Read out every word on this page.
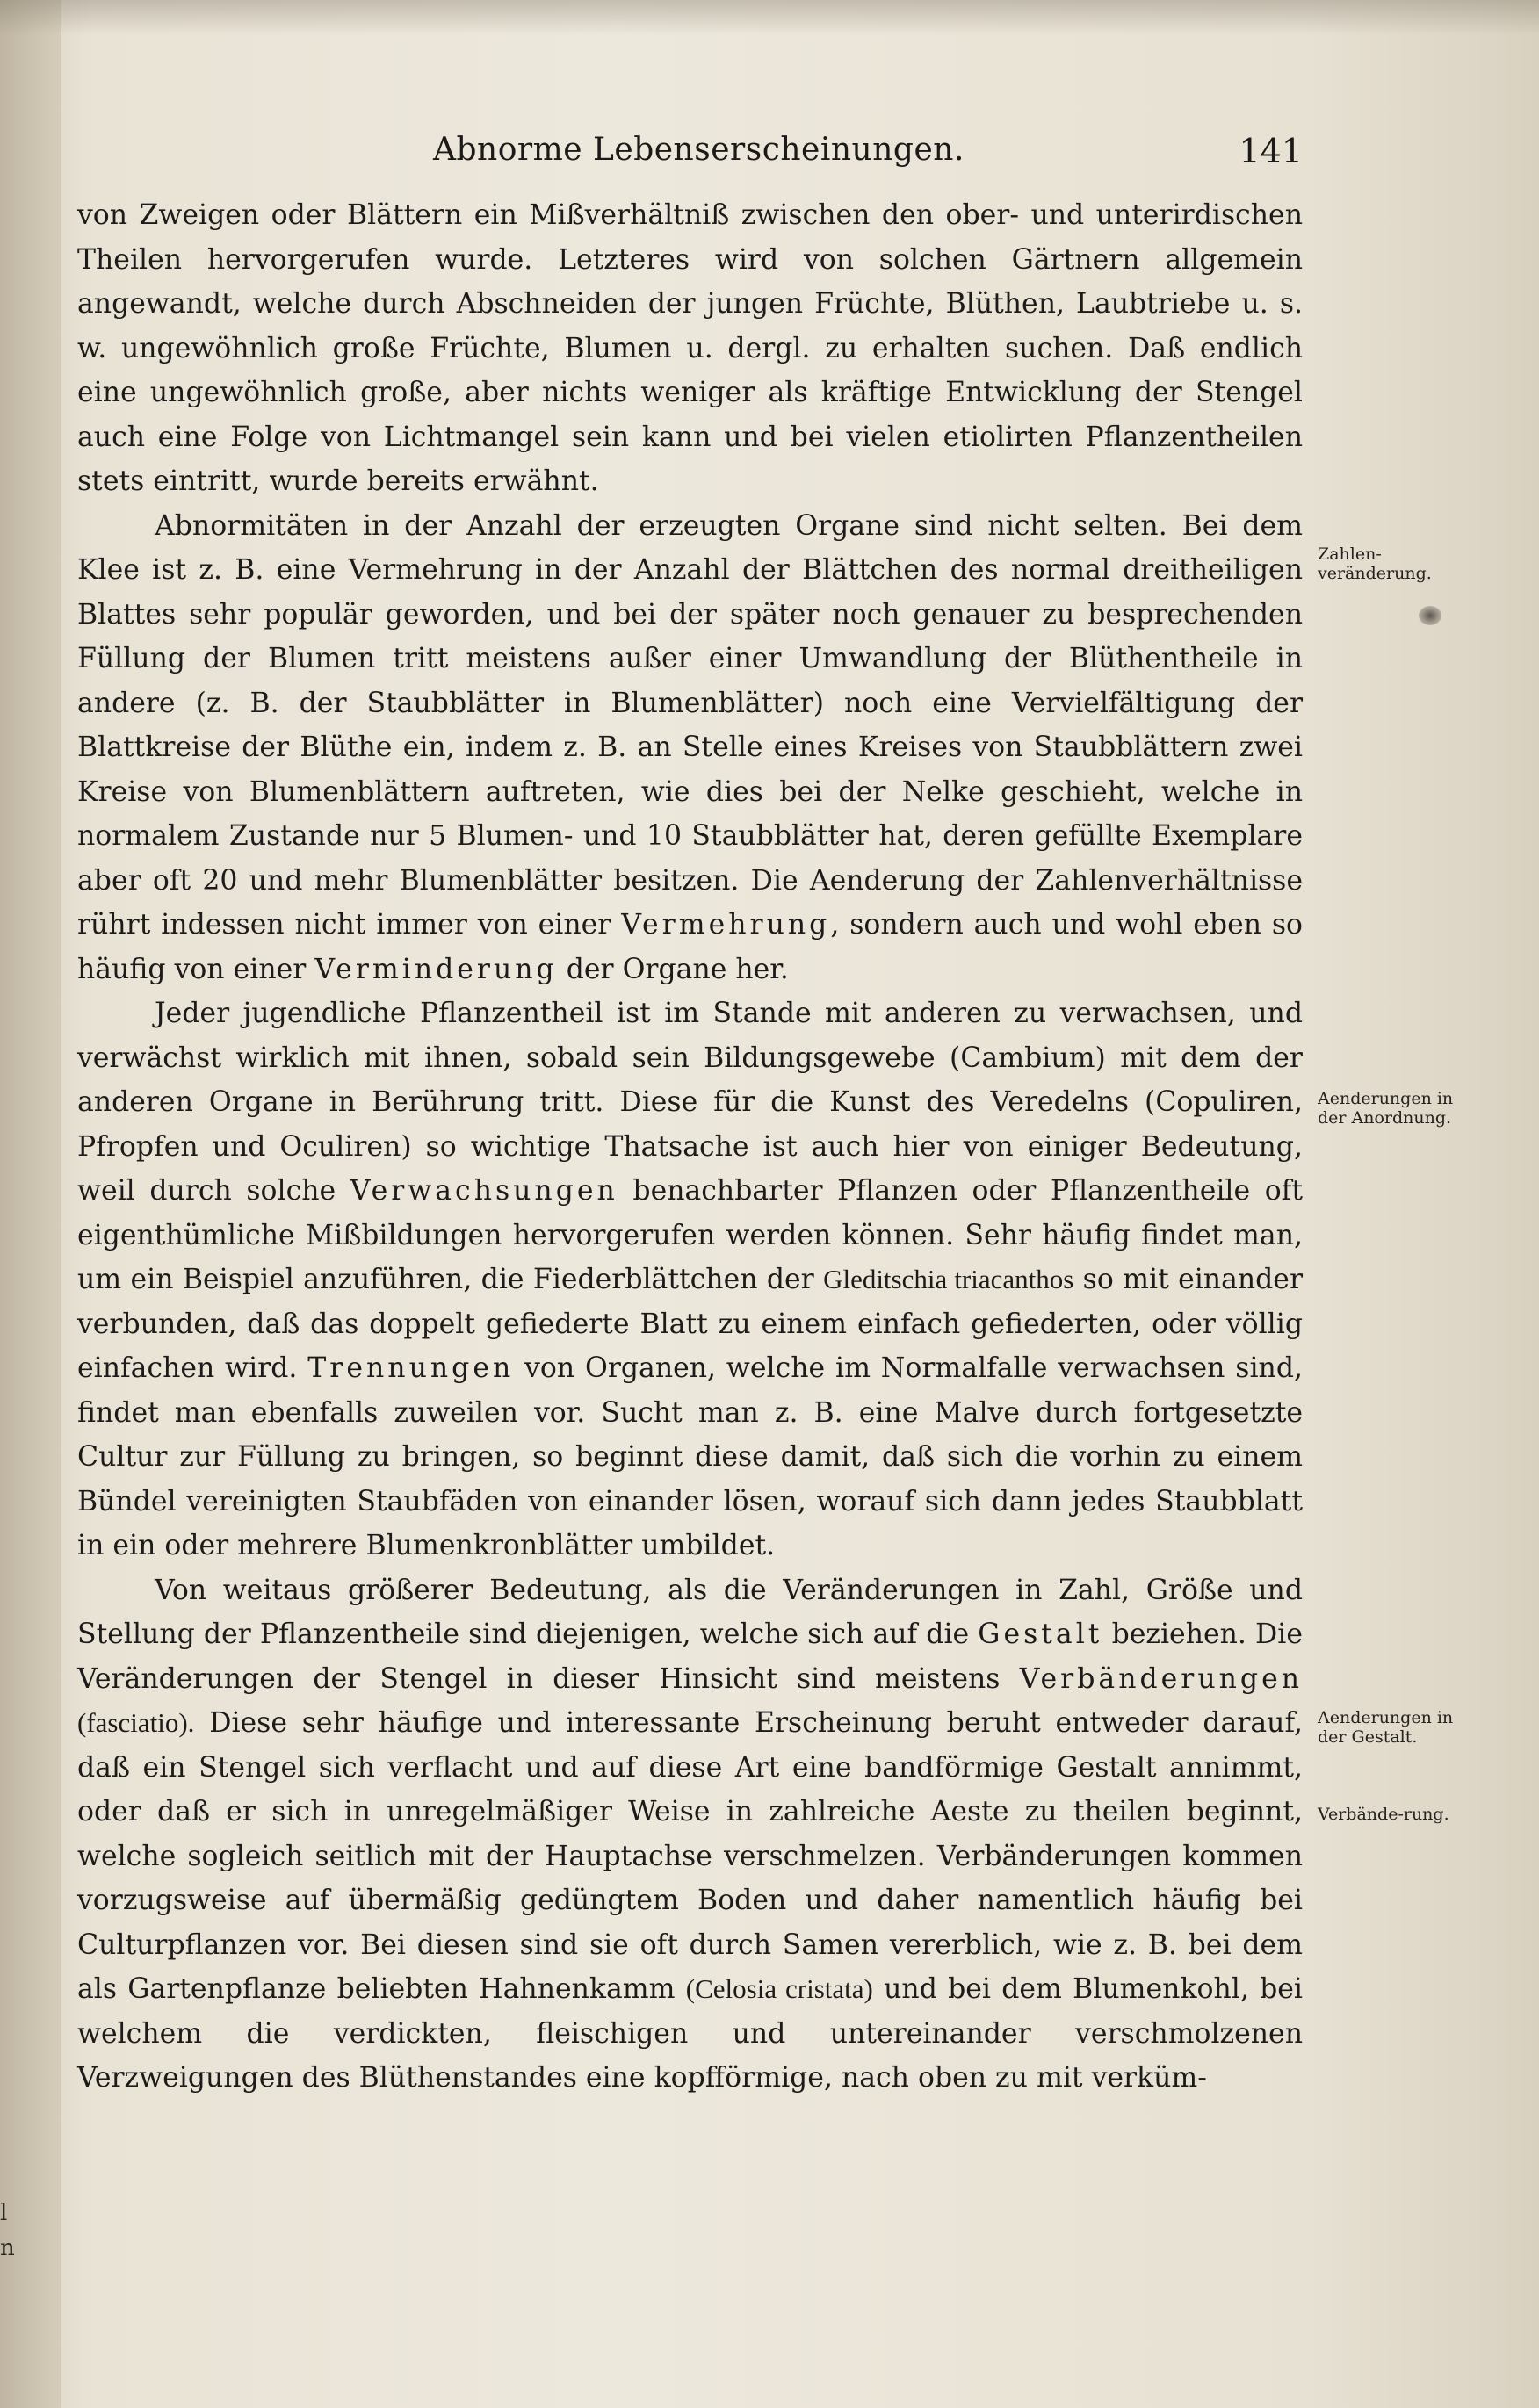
l
n
Abnorme Lebenserscheinungen.	141

von Zweigen oder Blättern ein Mißverhältniß zwischen den ober- und unterirdischen Theilen hervorgerufen wurde. Letzteres wird von solchen Gärtnern allgemein angewandt, welche durch Abschneiden der jungen Früchte, Blüthen, Laubtriebe u. s. w. ungewöhnlich große Früchte, Blumen u. dergl. zu erhalten suchen. Daß endlich eine ungewöhnlich große, aber nichts weniger als kräftige Entwicklung der Stengel auch eine Folge von Lichtmangel sein kann und bei vielen etiolirten Pflanzentheilen stets eintritt, wurde bereits erwähnt.

Abnormitäten in der Anzahl der erzeugten Organe sind nicht selten. Bei dem Klee ist z. B. eine Vermehrung in der Anzahl der Blättchen des normal dreitheiligen Blattes sehr populär geworden, und bei der später noch genauer zu besprechenden Füllung der Blumen tritt meistens außer einer Umwandlung der Blüthentheile in andere (z. B. der Staubblätter in Blumenblätter) noch eine Vervielfältigung der Blattkreise der Blüthe ein, indem z. B. an Stelle eines Kreises von Staubblättern zwei Kreise von Blumenblättern auftreten, wie dies bei der Nelke geschieht, welche in normalem Zustande nur 5 Blumen- und 10 Staubblätter hat, deren gefüllte Exemplare aber oft 20 und mehr Blumenblätter besitzen. Die Aenderung der Zahlenverhältnisse rührt indessen nicht immer von einer Vermehrung, sondern auch und wohl eben so häufig von einer Verminderung der Organe her.

Jeder jugendliche Pflanzentheil ist im Stande mit anderen zu verwachsen, und verwächst wirklich mit ihnen, sobald sein Bildungsgewebe (Cambium) mit dem der anderen Organe in Berührung tritt. Diese für die Kunst des Veredelns (Copuliren, Pfropfen und Oculiren) so wichtige Thatsache ist auch hier von einiger Bedeutung, weil durch solche Verwachsungen benachbarter Pflanzen oder Pflanzentheile oft eigenthümliche Mißbildungen hervorgerufen werden können. Sehr häufig findet man, um ein Beispiel anzuführen, die Fiederblättchen der Gleditschia triacanthos so mit einander verbunden, daß das doppelt gefiederte Blatt zu einem einfach gefiederten, oder völlig einfachen wird. Trennungen von Organen, welche im Normalfalle verwachsen sind, findet man ebenfalls zuweilen vor. Sucht man z. B. eine Malve durch fortgesetzte Cultur zur Füllung zu bringen, so beginnt diese damit, daß sich die vorhin zu einem Bündel vereinigten Staubfäden von einander lösen, worauf sich dann jedes Staubblatt in ein oder mehrere Blumenkronblätter umbildet.

Von weitaus größerer Bedeutung, als die Veränderungen in Zahl, Größe und Stellung der Pflanzentheile sind diejenigen, welche sich auf die Gestalt beziehen. Die Veränderungen der Stengel in dieser Hinsicht sind meistens Verbänderungen (fasciatio). Diese sehr häufige und interessante Erscheinung beruht entweder darauf, daß ein Stengel sich verflacht und auf diese Art eine bandförmige Gestalt annimmt, oder daß er sich in unregelmäßiger Weise in zahlreiche Aeste zu theilen beginnt, welche sogleich seitlich mit der Hauptachse verschmelzen. Verbänderungen kommen vorzugsweise auf übermäßig gedüngtem Boden und daher namentlich häufig bei Culturpflanzen vor. Bei diesen sind sie oft durch Samen vererblich, wie z. B. bei dem als Gartenpflanze beliebten Hahnenkamm (Celosia cristata) und bei dem Blumenkohl, bei welchem die verdickten, fleischigen und untereinander verschmolzenen Verzweigungen des Blüthenstandes eine kopfförmige, nach oben zu mit verküm-

Zahlen-veränderung.
Aenderungen in der Anordnung.
Aenderungen in der Gestalt.
Verbände-rung.
